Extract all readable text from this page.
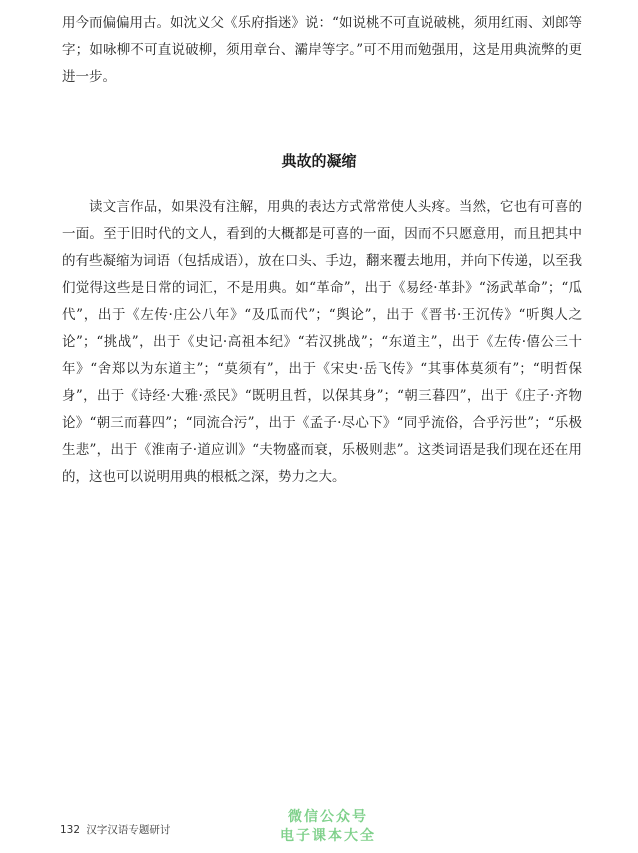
用今而偏偏用古。如沈义父《乐府指迷》说：“如说桃不可直说破桃，须用红雨、刘郎等字；如咏柳不可直说破柳，须用章台、灞岸等字。”可不用而勉强用，这是用典流弊的更进一步。

典故的凝缩

读文言作品，如果没有注解，用典的表达方式常常使人头疼。当然，它也有可喜的一面。至于旧时代的文人，看到的大概都是可喜的一面，因而不只愿意用，而且把其中的有些凝缩为词语（包括成语），放在口头、手边，翻来覆去地用，并向下传递，以至我们觉得这些是日常的词汇，不是用典。如“革命”，出于《易经·革卦》“汤武革命”；“瓜代”，出于《左传·庄公八年》“及瓜而代”；“舆论”，出于《晋书·王沉传》“听舆人之论”；“挑战”，出于《史记·高祖本纪》“若汉挑战”；“东道主”，出于《左传·僖公三十年》“舍郑以为东道主”；“莫须有”，出于《宋史·岳飞传》“其事体莫须有”；“明哲保身”，出于《诗经·大雅·烝民》“既明且哲，以保其身”；“朝三暮四”，出于《庄子·齐物论》“朝三而暮四”；“同流合污”，出于《孟子·尽心下》“同乎流俗，合乎污世”；“乐极生悲”，出于《淮南子·道应训》“夫物盛而衰，乐极则悲”。这类词语是我们现在还在用的，这也可以说明用典的根柢之深，势力之大。

132 汉字汉语专题研讨
微信公众号
电子课本大全
